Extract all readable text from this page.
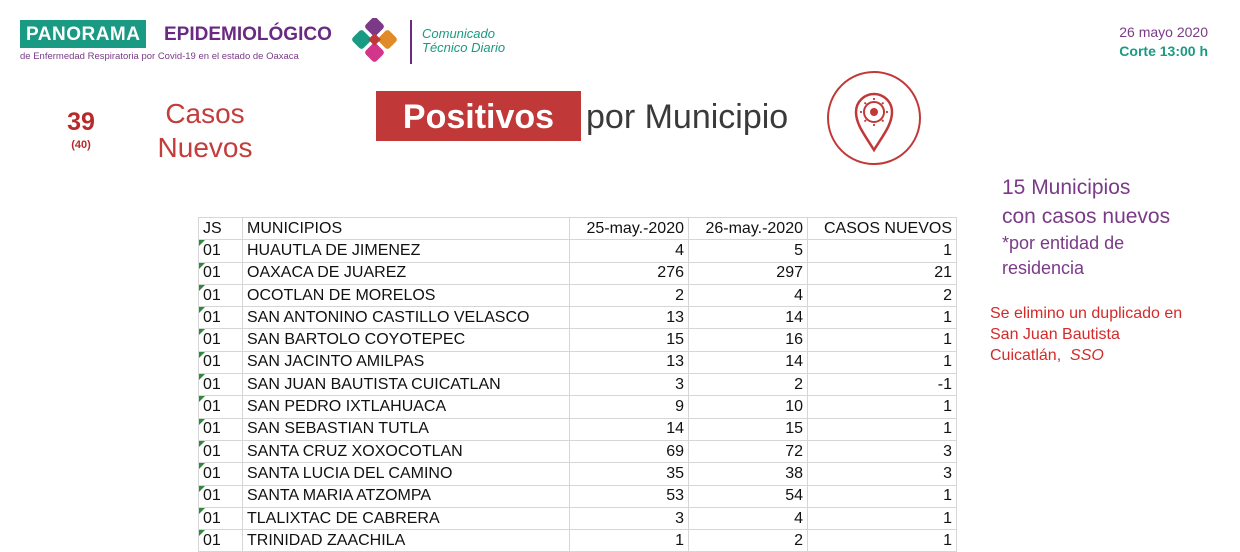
PANORAMA	EPIDEMIOLÓGICO
de Enfermedad Respiratoria por Covid-19 en el estado de Oaxaca
Comunicado
Técnico Diario
26 mayo 2020
Corte 13:00 h
39
(40)
Casos
Nuevos
Positivos por Municipio
15 Municipios
con casos nuevos
*por entidad de
residencia
Se elimino un duplicado en
San Juan Bautista
Cuicatlán, SSO
JS	MUNICIPIOS	25-may.-2020	26-may.-2020	CASOS NUEVOS
01	HUAUTLA DE JIMENEZ	4	5	1
01	OAXACA DE JUAREZ	276	297	21
01	OCOTLAN DE MORELOS	2	4	2
01	SAN ANTONINO CASTILLO VELASCO	13	14	1
01	SAN BARTOLO COYOTEPEC	15	16	1
01	SAN JACINTO AMILPAS	13	14	1
01	SAN JUAN BAUTISTA CUICATLAN	3	2	-1
01	SAN PEDRO IXTLAHUACA	9	10	1
01	SAN SEBASTIAN TUTLA	14	15	1
01	SANTA CRUZ XOXOCOTLAN	69	72	3
01	SANTA LUCIA DEL CAMINO	35	38	3
01	SANTA MARIA ATZOMPA	53	54	1
01	TLALIXTAC DE CABRERA	3	4	1
01	TRINIDAD ZAACHILA	1	2	1
